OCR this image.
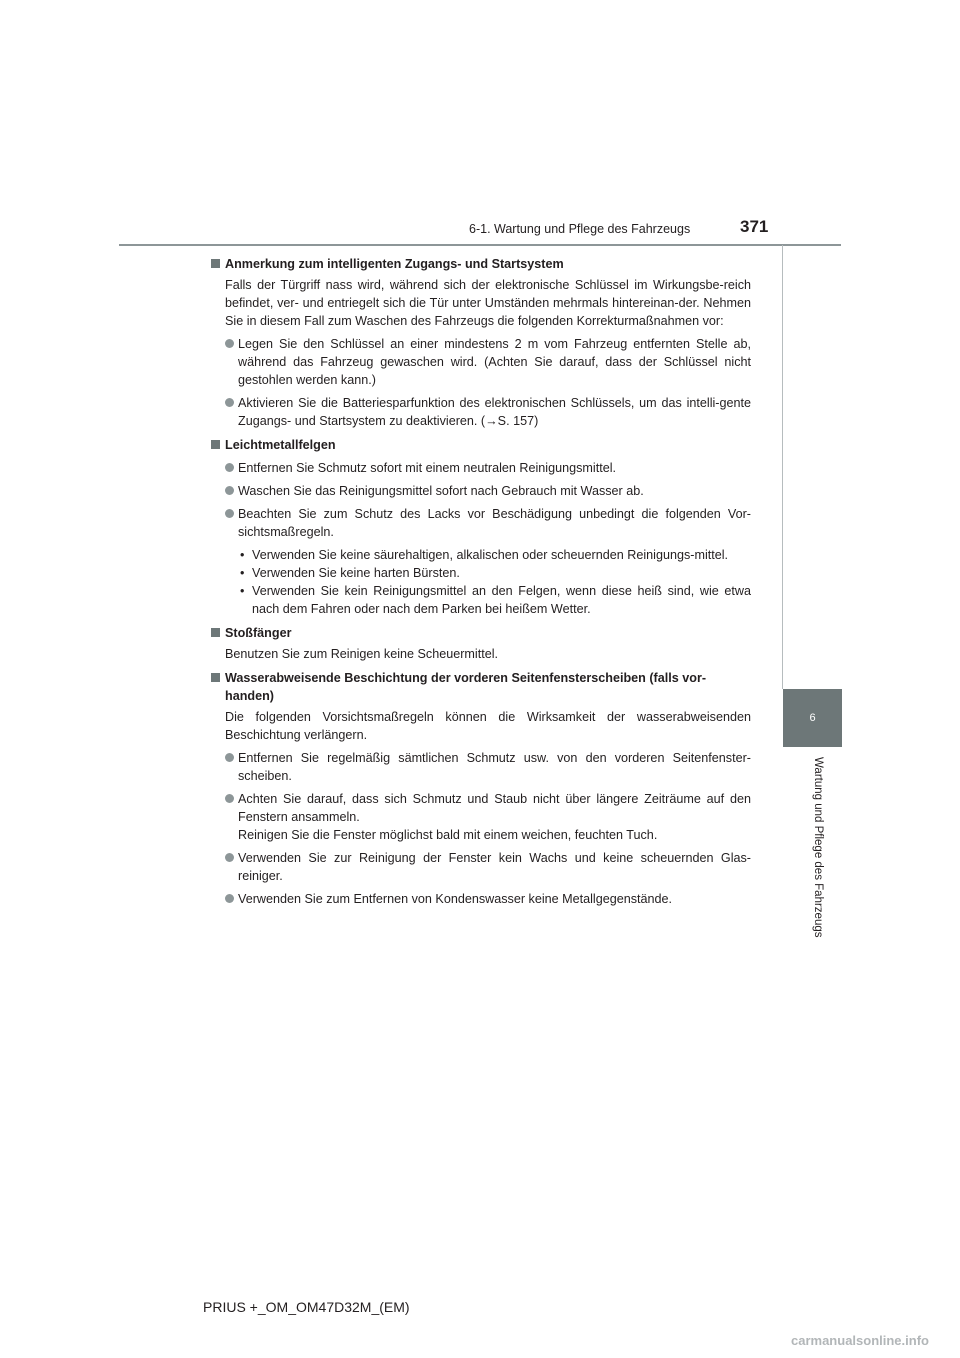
6-1. Wartung und Pflege des Fahrzeugs	371
6
Wartung und Pflege des Fahrzeugs
Anmerkung zum intelligenten Zugangs- und Startsystem
Falls der Türgriff nass wird, während sich der elektronische Schlüssel im Wirkungsbe-reich befindet, ver- und entriegelt sich die Tür unter Umständen mehrmals hintereinan-der. Nehmen Sie in diesem Fall zum Waschen des Fahrzeugs die folgenden Korrekturmaßnahmen vor:
Legen Sie den Schlüssel an einer mindestens 2 m vom Fahrzeug entfernten Stelle ab, während das Fahrzeug gewaschen wird. (Achten Sie darauf, dass der Schlüssel nicht gestohlen werden kann.)
Aktivieren Sie die Batteriesparfunktion des elektronischen Schlüssels, um das intelli-gente Zugangs- und Startsystem zu deaktivieren. (→S. 157)
Leichtmetallfelgen
Entfernen Sie Schmutz sofort mit einem neutralen Reinigungsmittel.
Waschen Sie das Reinigungsmittel sofort nach Gebrauch mit Wasser ab.
Beachten Sie zum Schutz des Lacks vor Beschädigung unbedingt die folgenden Vor-sichtsmaßregeln.
• Verwenden Sie keine säurehaltigen, alkalischen oder scheuernden Reinigungs-mittel.
• Verwenden Sie keine harten Bürsten.
• Verwenden Sie kein Reinigungsmittel an den Felgen, wenn diese heiß sind, wie etwa nach dem Fahren oder nach dem Parken bei heißem Wetter.
Stoßfänger
Benutzen Sie zum Reinigen keine Scheuermittel.
Wasserabweisende Beschichtung der vorderen Seitenfensterscheiben (falls vor-handen)
Die folgenden Vorsichtsmaßregeln können die Wirksamkeit der wasserabweisenden Beschichtung verlängern.
Entfernen Sie regelmäßig sämtlichen Schmutz usw. von den vorderen Seitenfenster-scheiben.
Achten Sie darauf, dass sich Schmutz und Staub nicht über längere Zeiträume auf den Fenstern ansammeln.
Reinigen Sie die Fenster möglichst bald mit einem weichen, feuchten Tuch.
Verwenden Sie zur Reinigung der Fenster kein Wachs und keine scheuernden Glas-reiniger.
Verwenden Sie zum Entfernen von Kondenswasser keine Metallgegenstände.
PRIUS +_OM_OM47D32M_(EM)
carmanualsonline.info
